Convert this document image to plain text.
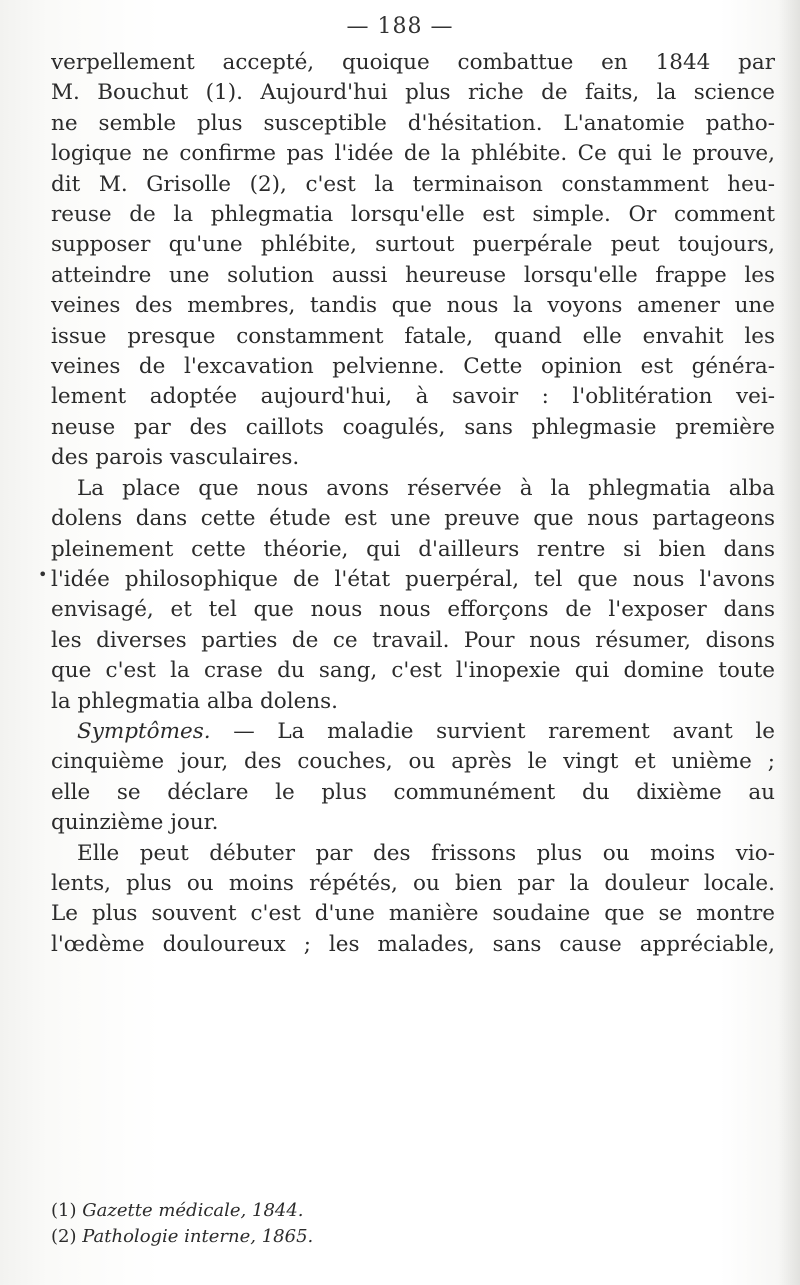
— 188 —
verpellement accepté, quoique combattue en 1844 par
M. Bouchut (1). Aujourd'hui plus riche de faits, la science
ne semble plus susceptible d'hésitation. L'anatomie patho-
logique ne confirme pas l'idée de la phlébite. Ce qui le prouve,
dit M. Grisolle (2), c'est la terminaison constamment heu-
reuse de la phlegmatia lorsqu'elle est simple. Or comment
supposer qu'une phlébite, surtout puerpérale peut toujours,
atteindre une solution aussi heureuse lorsqu'elle frappe les
veines des membres, tandis que nous la voyons amener une
issue presque constamment fatale, quand elle envahit les
veines de l'excavation pelvienne. Cette opinion est généra-
lement adoptée aujourd'hui, à savoir : l'oblitération vei-
neuse par des caillots coagulés, sans phlegmasie première
des parois vasculaires.
La place que nous avons réservée à la phlegmatia alba
dolens dans cette étude est une preuve que nous partageons
pleinement cette théorie, qui d'ailleurs rentre si bien dans
l'idée philosophique de l'état puerpéral, tel que nous l'avons
envisagé, et tel que nous nous efforçons de l'exposer dans
les diverses parties de ce travail. Pour nous résumer, disons
que c'est la crase du sang, c'est l'inopexie qui domine toute
la phlegmatia alba dolens.
Symptômes. — La maladie survient rarement avant le
cinquième jour, des couches, ou après le vingt et unième ;
elle se déclare le plus communément du dixième au
quinzième jour.
Elle peut débuter par des frissons plus ou moins vio-
lents, plus ou moins répétés, ou bien par la douleur locale.
Le plus souvent c'est d'une manière soudaine que se montre
l'œdème douloureux ; les malades, sans cause appréciable,
(1) Gazette médicale, 1844.
(2) Pathologie interne, 1865.
•
